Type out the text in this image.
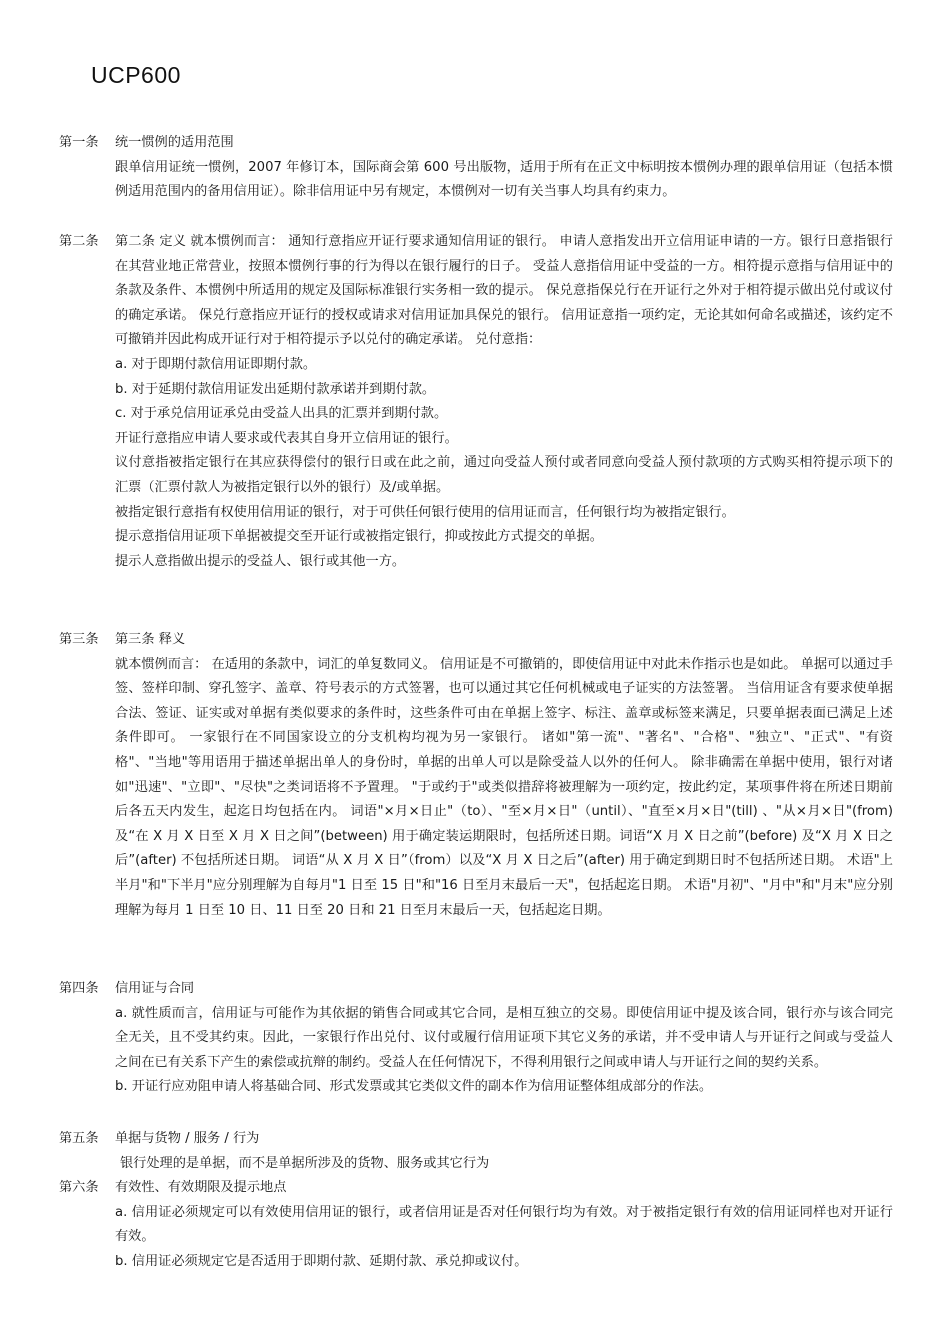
UCP600
第一条	统一惯例的适用范围
跟单信用证统一惯例，2007 年修订本，国际商会第 600 号出版物，适用于所有在正文中标明按本惯例办理的跟单信用证（包括本惯例适用范围内的备用信用证）。除非信用证中另有规定，本惯例对一切有关当事人均具有约束力。
第二条	第二条 定义 就本惯例而言： 通知行意指应开证行要求通知信用证的银行。 申请人意指发出开立信用证申请的一方。银行日意指银行在其营业地正常营业，按照本惯例行事的行为得以在银行履行的日子。 受益人意指信用证中受益的一方。相符提示意指与信用证中的条款及条件、本惯例中所适用的规定及国际标准银行实务相一致的提示。 保兑意指保兑行在开证行之外对于相符提示做出兑付或议付的确定承诺。 保兑行意指应开证行的授权或请求对信用证加具保兑的银行。 信用证意指一项约定，无论其如何命名或描述，该约定不可撤销并因此构成开证行对于相符提示予以兑付的确定承诺。 兑付意指：
a. 对于即期付款信用证即期付款。
b. 对于延期付款信用证发出延期付款承诺并到期付款。
c. 对于承兑信用证承兑由受益人出具的汇票并到期付款。
开证行意指应申请人要求或代表其自身开立信用证的银行。
议付意指被指定银行在其应获得偿付的银行日或在此之前，通过向受益人预付或者同意向受益人预付款项的方式购买相符提示项下的汇票（汇票付款人为被指定银行以外的银行）及/或单据。
被指定银行意指有权使用信用证的银行，对于可供任何银行使用的信用证而言，任何银行均为被指定银行。
提示意指信用证项下单据被提交至开证行或被指定银行，抑或按此方式提交的单据。
提示人意指做出提示的受益人、银行或其他一方。
第三条	第三条 释义
就本惯例而言： 在适用的条款中，词汇的单复数同义。 信用证是不可撤销的，即使信用证中对此未作指示也是如此。 单据可以通过手签、签样印制、穿孔签字、盖章、符号表示的方式签署，也可以通过其它任何机械或电子证实的方法签署。 当信用证含有要求使单据合法、签证、证实或对单据有类似要求的条件时，这些条件可由在单据上签字、标注、盖章或标签来满足，只要单据表面已满足上述条件即可。 一家银行在不同国家设立的分支机构均视为另一家银行。 诸如"第一流"、"著名"、"合格"、"独立"、"正式"、"有资格"、"当地"等用语用于描述单据出单人的身份时，单据的出单人可以是除受益人以外的任何人。 除非确需在单据中使用，银行对诸如"迅速"、"立即"、"尽快"之类词语将不予置理。 "于或约于"或类似措辞将被理解为一项约定，按此约定，某项事件将在所述日期前后各五天内发生，起迄日均包括在内。 词语"×月×日止"（to）、"至×月×日"（until）、"直至×月×日"(till) 、"从×月×日"(from) 及“在 X 月 X 日至 X 月 X 日之间”(between) 用于确定装运期限时，包括所述日期。词语“X 月 X 日之前”(before) 及“X 月 X 日之后”(after) 不包括所述日期。 词语“从 X 月 X 日”（from）以及“X 月 X 日之后”(after) 用于确定到期日时不包括所述日期。 术语"上半月"和"下半月"应分别理解为自每月"1 日至 15 日"和"16 日至月末最后一天"，包括起迄日期。 术语"月初"、"月中"和"月末"应分别理解为每月 1 日至 10 日、11 日至 20 日和 21 日至月末最后一天，包括起迄日期。
第四条	信用证与合同
a. 就性质而言，信用证与可能作为其依据的销售合同或其它合同，是相互独立的交易。即使信用证中提及该合同，银行亦与该合同完全无关，且不受其约束。因此，一家银行作出兑付、议付或履行信用证项下其它义务的承诺，并不受申请人与开证行之间或与受益人之间在已有关系下产生的索偿或抗辩的制约。受益人在任何情况下，不得利用银行之间或申请人与开证行之间的契约关系。
b. 开证行应劝阻申请人将基础合同、形式发票或其它类似文件的副本作为信用证整体组成部分的作法。
第五条	单据与货物 / 服务 / 行为
银行处理的是单据，而不是单据所涉及的货物、服务或其它行为
第六条	有效性、有效期限及提示地点
a. 信用证必须规定可以有效使用信用证的银行，或者信用证是否对任何银行均为有效。对于被指定银行有效的信用证同样也对开证行有效。
b. 信用证必须规定它是否适用于即期付款、延期付款、承兑抑或议付。
